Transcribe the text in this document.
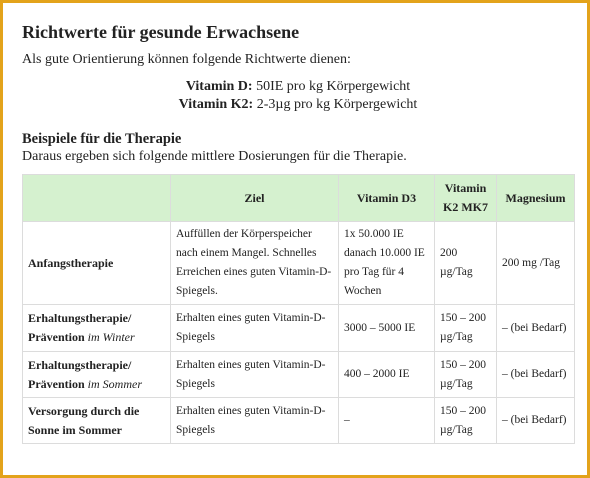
Richtwerte für gesunde Erwachsene
Als gute Orientierung können folgende Richtwerte dienen:
Vitamin D: 50IE pro kg Körpergewicht
Vitamin K2: 2-3µg pro kg Körpergewicht
Beispiele für die Therapie
Daraus ergeben sich folgende mittlere Dosierungen für die Therapie.
	Ziel	Vitamin D3	Vitamin K2 MK7	Magnesium
Anfangstherapie	Auffüllen der Körperspeicher nach einem Mangel. Schnelles Erreichen eines guten Vitamin-D-Spiegels.	1x 50.000 IE danach 10.000 IE pro Tag für 4 Wochen	200 µg/Tag	200 mg /Tag
Erhaltungstherapie/ Prävention im Winter	Erhalten eines guten Vitamin-D-Spiegels	3000 – 5000 IE	150 – 200 µg/Tag	– (bei Bedarf)
Erhaltungstherapie/ Prävention im Sommer	Erhalten eines guten Vitamin-D-Spiegels	400 – 2000 IE	150 – 200 µg/Tag	– (bei Bedarf)
Versorgung durch die Sonne im Sommer	Erhalten eines guten Vitamin-D-Spiegels	–	150 – 200 µg/Tag	– (bei Bedarf)
